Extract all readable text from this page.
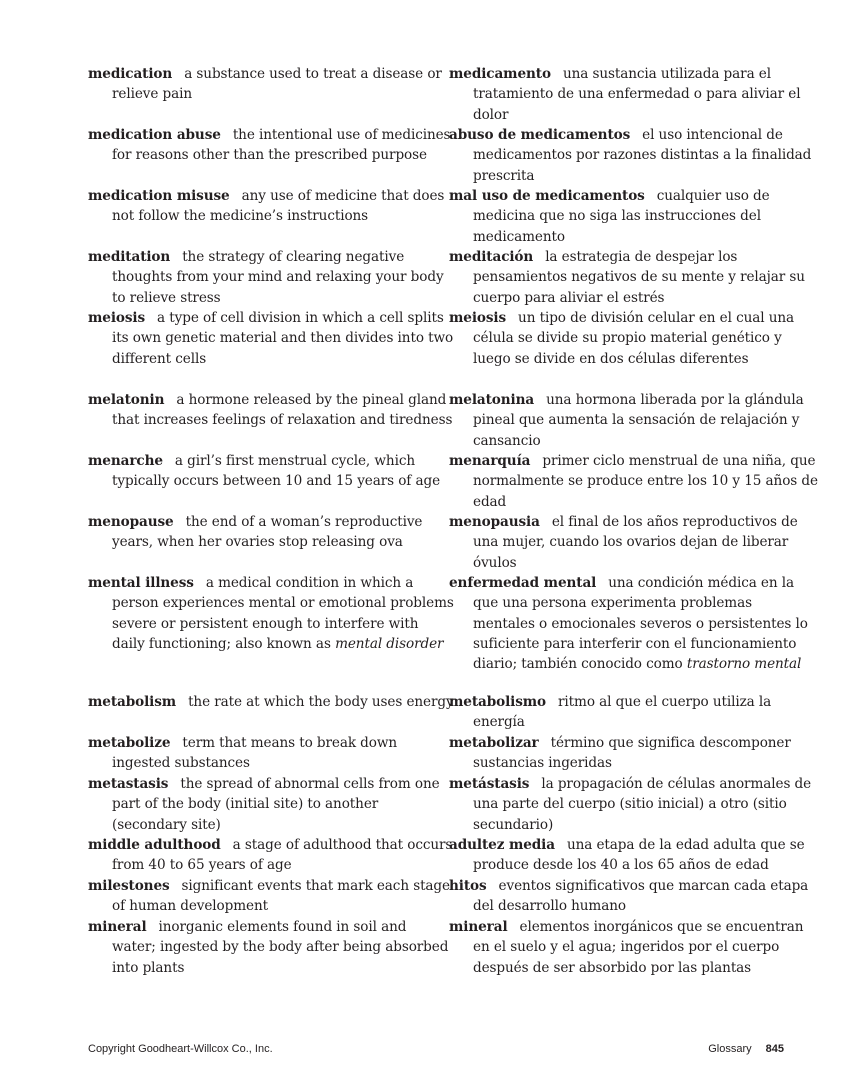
medication a substance used to treat a disease or relieve pain
medicamento una sustancia utilizada para el tratamiento de una enfermedad o para aliviar el dolor
medication abuse the intentional use of medicines for reasons other than the prescribed purpose
abuso de medicamentos el uso intencional de medicamentos por razones distintas a la finalidad prescrita
medication misuse any use of medicine that does not follow the medicine’s instructions
mal uso de medicamentos cualquier uso de medicina que no siga las instrucciones del medicamento
meditation the strategy of clearing negative thoughts from your mind and relaxing your body to relieve stress
meditación la estrategia de despejar los pensamientos negativos de su mente y relajar su cuerpo para aliviar el estrés
meiosis a type of cell division in which a cell splits its own genetic material and then divides into two different cells
meiosis un tipo de división celular en el cual una célula se divide su propio material genético y luego se divide en dos células diferentes
melatonin a hormone released by the pineal gland that increases feelings of relaxation and tiredness
melatonina una hormona liberada por la glándula pineal que aumenta la sensación de relajación y cansancio
menarche a girl’s first menstrual cycle, which typically occurs between 10 and 15 years of age
menarquía primer ciclo menstrual de una niña, que normalmente se produce entre los 10 y 15 años de edad
menopause the end of a woman’s reproductive years, when her ovaries stop releasing ova
menopausia el final de los años reproductivos de una mujer, cuando los ovarios dejan de liberar óvulos
mental illness a medical condition in which a person experiences mental or emotional problems severe or persistent enough to interfere with daily functioning; also known as mental disorder
enfermedad mental una condición médica en la que una persona experimenta problemas mentales o emocionales severos o persistentes lo suficiente para interferir con el funcionamiento diario; también conocido como trastorno mental
metabolism the rate at which the body uses energy
metabolismo ritmo al que el cuerpo utiliza la energía
metabolize term that means to break down ingested substances
metabolizar término que significa descomponer sustancias ingeridas
metastasis the spread of abnormal cells from one part of the body (initial site) to another (secondary site)
metástasis la propagación de células anormales de una parte del cuerpo (sitio inicial) a otro (sitio secundario)
middle adulthood a stage of adulthood that occurs from 40 to 65 years of age
adultez media una etapa de la edad adulta que se produce desde los 40 a los 65 años de edad
milestones significant events that mark each stage of human development
hitos eventos significativos que marcan cada etapa del desarrollo humano
mineral inorganic elements found in soil and water; ingested by the body after being absorbed into plants
mineral elementos inorgánicos que se encuentran en el suelo y el agua; ingeridos por el cuerpo después de ser absorbido por las plantas
Copyright Goodheart-Willcox Co., Inc.	Glossary 845
